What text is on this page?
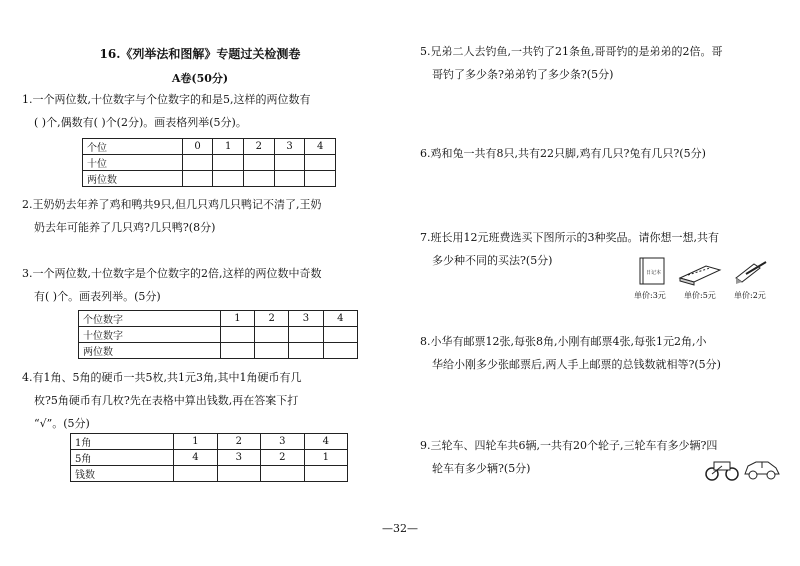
16.《列举法和图解》专题过关检测卷
A卷(50分)
1.一个两位数,十位数字与个位数字的和是5,这样的两位数有
( )个,偶数有( )个(2分)。画表格列举(5分)。
个位	0	1	2	3	4
十位					
两位数					
2.王奶奶去年养了鸡和鸭共9只,但几只鸡几只鸭记不清了,王奶
奶去年可能养了几只鸡?几只鸭?(8分)
3.一个两位数,十位数字是个位数字的2倍,这样的两位数中奇数
有( )个。画表列举。(5分)
个位数字	1	2	3	4
十位数字				
两位数				
4.有1角、5角的硬币一共5枚,共1元3角,其中1角硬币有几
枚?5角硬币有几枚?先在表格中算出钱数,再在答案下打
“√”。(5分)
1角	1	2	3	4
5角	4	3	2	1
钱数				
5.兄弟二人去钓鱼,一共钓了21条鱼,哥哥钓的是弟弟的2倍。哥
哥钓了多少条?弟弟钓了多少条?(5分)
6.鸡和兔一共有8只,共有22只脚,鸡有几只?兔有几只?(5分)
7.班长用12元班费选买下图所示的3种奖品。请你想一想,共有
多少种不同的买法?(5分)
日记本
单价:3元 单价:5元 单价:2元
8.小华有邮票12张,每张8角,小刚有邮票4张,每张1元2角,小
华给小刚多少张邮票后,两人手上邮票的总钱数就相等?(5分)
9.三轮车、四轮车共6辆,一共有20个轮子,三轮车有多少辆?四
轮车有多少辆?(5分)
—32—
